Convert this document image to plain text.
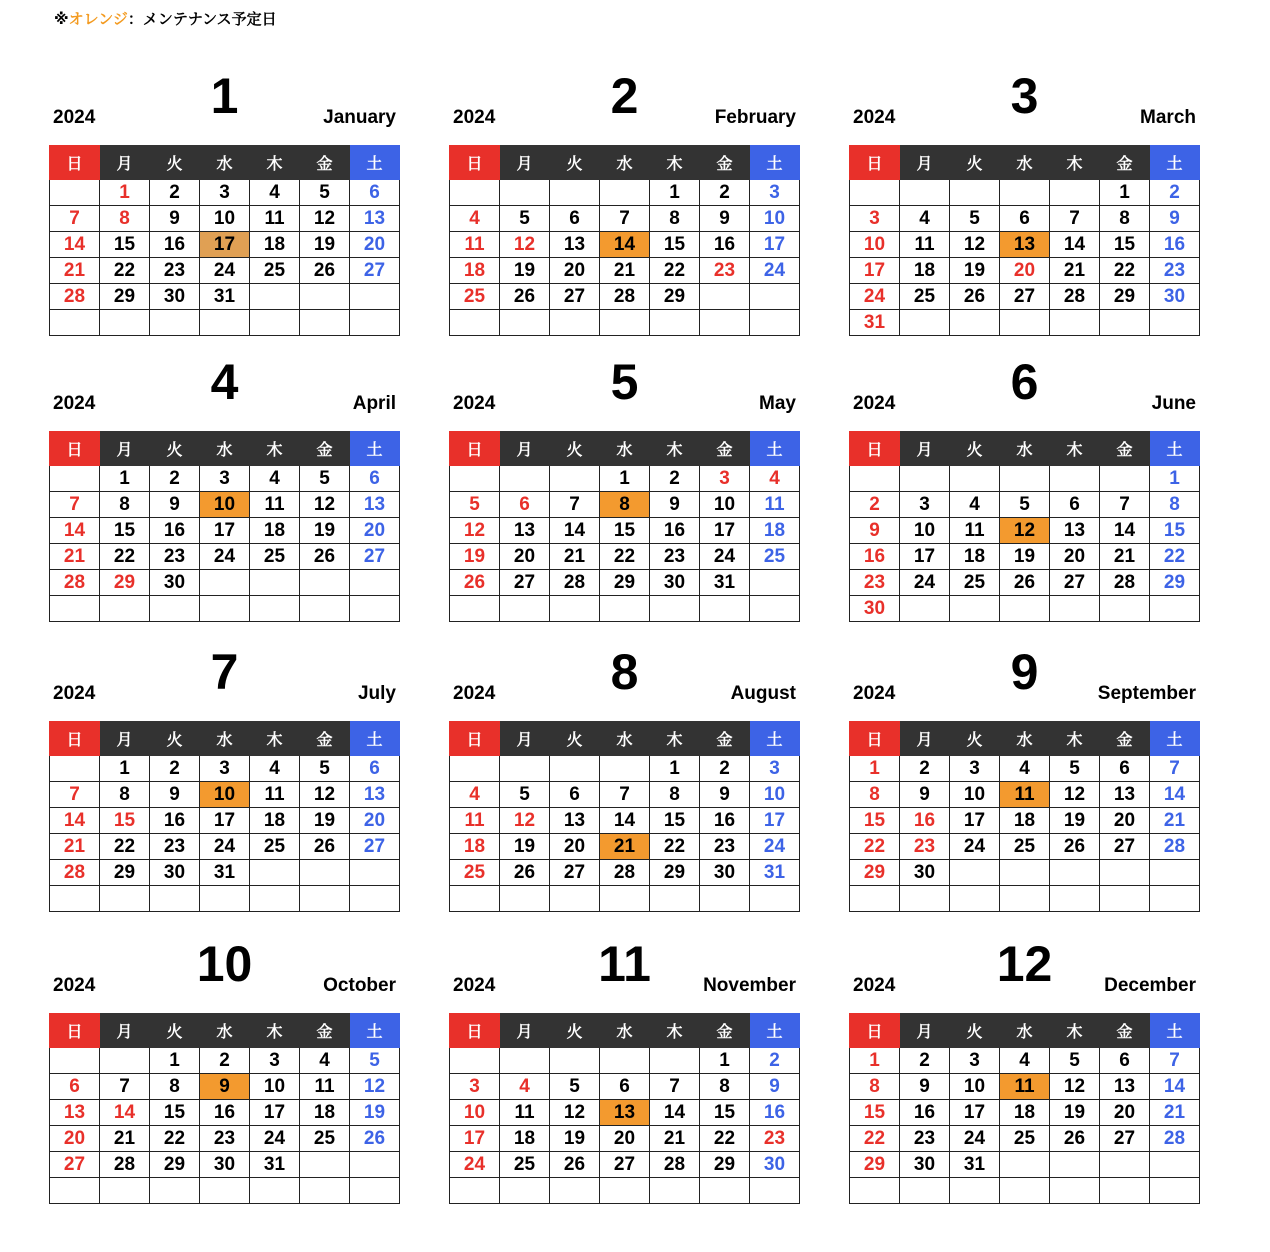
※オレンジ：メンテナンス予定日
2024 1	January
日	月	火	水	木	金	土
	1	2	3	4	5	6
7	8	9	10	11	12	13
14	15	16	17	18	19	20
21	22	23	24	25	26	27
28	29	30	31			

2024 2	February
日	月	火	水	木	金	土
				1	2	3
4	5	6	7	8	9	10
11	12	13	14	15	16	17
18	19	20	21	22	23	24
25	26	27	28	29		

2024 3	March
日	月	火	水	木	金	土
					1	2
3	4	5	6	7	8	9
10	11	12	13	14	15	16
17	18	19	20	21	22	23
24	25	26	27	28	29	30
31						
2024 4	April
日	月	火	水	木	金	土
	1	2	3	4	5	6
7	8	9	10	11	12	13
14	15	16	17	18	19	20
21	22	23	24	25	26	27
28	29	30				

2024 5	May
日	月	火	水	木	金	土
			1	2	3	4
5	6	7	8	9	10	11
12	13	14	15	16	17	18
19	20	21	22	23	24	25
26	27	28	29	30	31	

2024 6	June
日	月	火	水	木	金	土
						1
2	3	4	5	6	7	8
9	10	11	12	13	14	15
16	17	18	19	20	21	22
23	24	25	26	27	28	29
30						
2024 7	July
日	月	火	水	木	金	土
	1	2	3	4	5	6
7	8	9	10	11	12	13
14	15	16	17	18	19	20
21	22	23	24	25	26	27
28	29	30	31			

2024 8	August
日	月	火	水	木	金	土
				1	2	3
4	5	6	7	8	9	10
11	12	13	14	15	16	17
18	19	20	21	22	23	24
25	26	27	28	29	30	31

2024 9	September
日	月	火	水	木	金	土
1	2	3	4	5	6	7
8	9	10	11	12	13	14
15	16	17	18	19	20	21
22	23	24	25	26	27	28
29	30					

2024 10	October
日	月	火	水	木	金	土
		1	2	3	4	5
6	7	8	9	10	11	12
13	14	15	16	17	18	19
20	21	22	23	24	25	26
27	28	29	30	31		

2024 11	November
日	月	火	水	木	金	土
					1	2
3	4	5	6	7	8	9
10	11	12	13	14	15	16
17	18	19	20	21	22	23
24	25	26	27	28	29	30

2024 12	December
日	月	火	水	木	金	土
1	2	3	4	5	6	7
8	9	10	11	12	13	14
15	16	17	18	19	20	21
22	23	24	25	26	27	28
29	30	31				
